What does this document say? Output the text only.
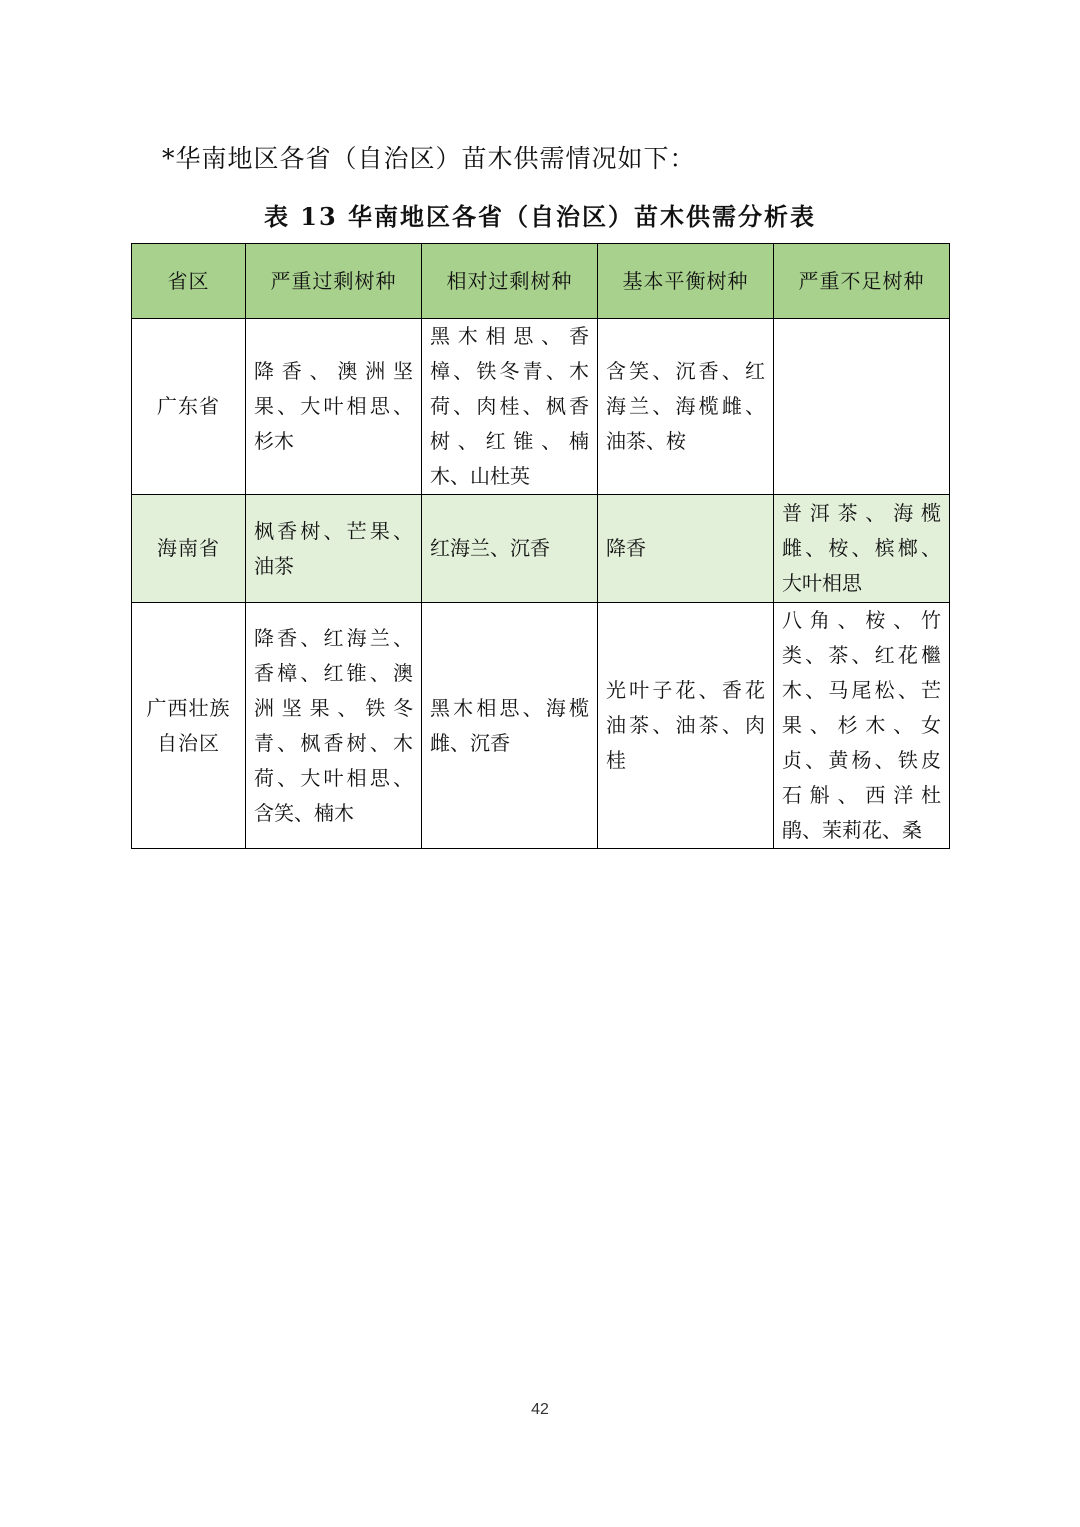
*华南地区各省（自治区）苗木供需情况如下：
表 13 华南地区各省（自治区）苗木供需分析表
省区	严重过剩树种	相对过剩树种	基本平衡树种	严重不足树种
广东省	降香、澳洲坚果、大叶相思、杉木	黑木相思、香樟、铁冬青、木荷、肉桂、枫香树、红锥、楠木、山杜英	含笑、沉香、红海兰、海榄雌、油茶、桉	
海南省	枫香树、芒果、油茶	红海兰、沉香	降香	普洱茶、海榄雌、桉、槟榔、大叶相思
广西壮族自治区	降香、红海兰、香樟、红锥、澳洲坚果、铁冬青、枫香树、木荷、大叶相思、含笑、楠木	黑木相思、海榄雌、沉香	光叶子花、香花油茶、油茶、肉桂	八角、桉、竹类、茶、红花檵木、马尾松、芒果、杉木、女贞、黄杨、铁皮石斛、西洋杜鹃、茉莉花、桑
42
